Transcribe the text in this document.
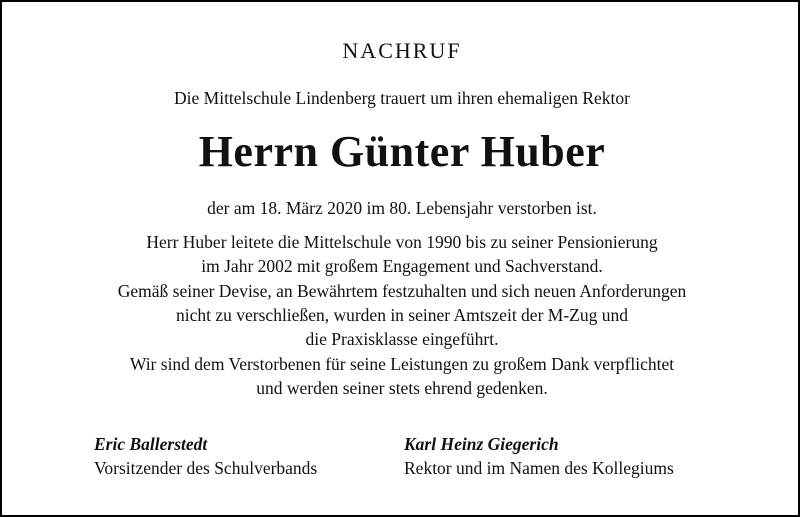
NACHRUF
Die Mittelschule Lindenberg trauert um ihren ehemaligen Rektor
Herrn Günter Huber
der am 18. März 2020 im 80. Lebensjahr verstorben ist.
Herr Huber leitete die Mittelschule von 1990 bis zu seiner Pensionierung
im Jahr 2002 mit großem Engagement und Sachverstand.
Gemäß seiner Devise, an Bewährtem festzuhalten und sich neuen Anforderungen
nicht zu verschließen, wurden in seiner Amtszeit der M-Zug und
die Praxisklasse eingeführt.
Wir sind dem Verstorbenen für seine Leistungen zu großem Dank verpflichtet
und werden seiner stets ehrend gedenken.
Eric Ballerstedt
Vorsitzender des Schulverbands
Karl Heinz Giegerich
Rektor und im Namen des Kollegiums
